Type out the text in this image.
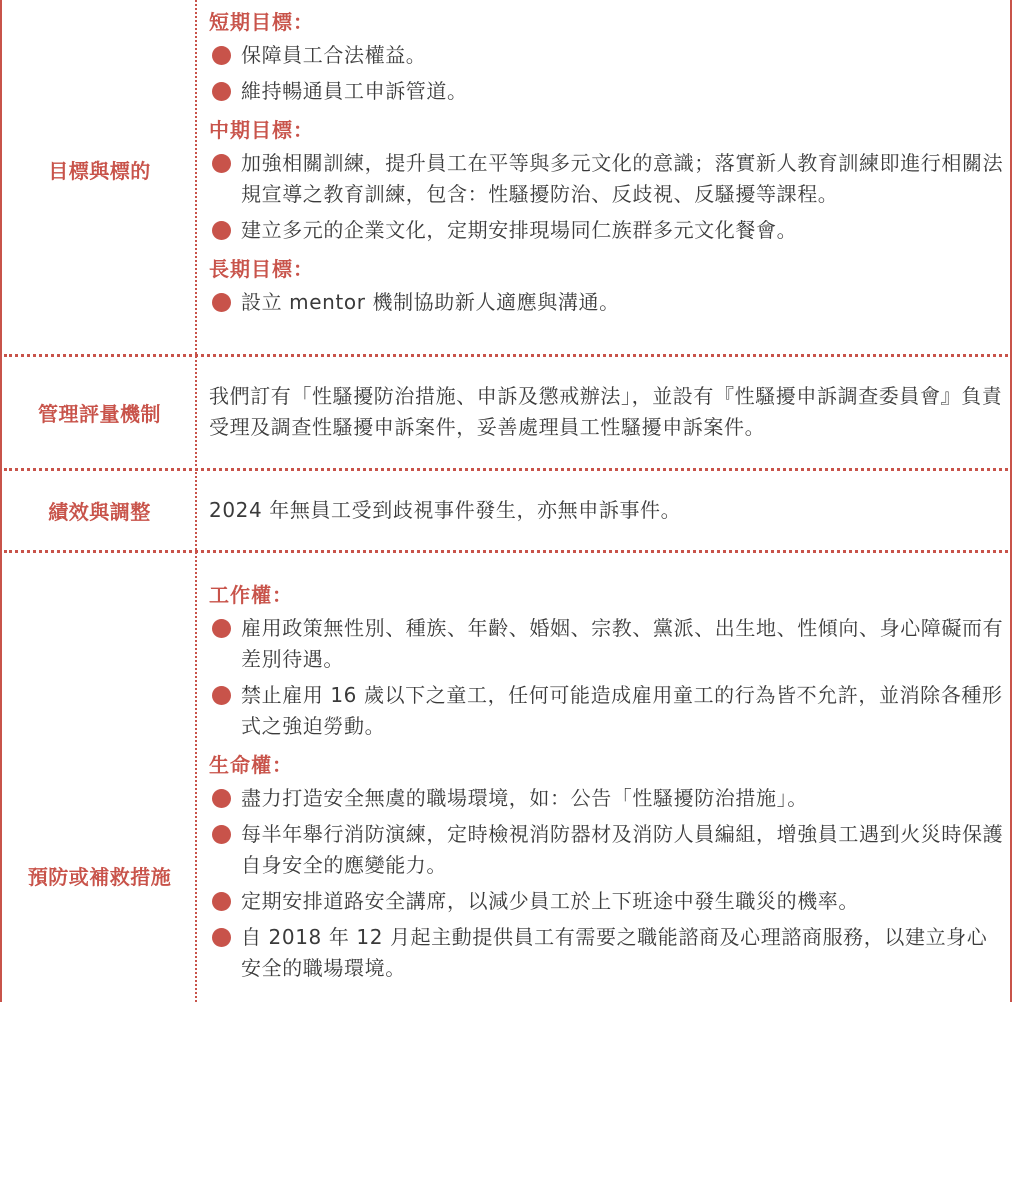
目標與標的
短期目標：
保障員工合法權益。
維持暢通員工申訴管道。
中期目標：
加強相關訓練，提升員工在平等與多元文化的意識；落實新人教育訓練即進行相關法規宣導之教育訓練，包含：性騷擾防治、反歧視、反騷擾等課程。
建立多元的企業文化，定期安排現場同仁族群多元文化餐會。
長期目標：
設立 mentor 機制協助新人適應與溝通。
管理評量機制
我們訂有「性騷擾防治措施、申訴及懲戒辦法」，並設有『性騷擾申訴調查委員會』負責受理及調查性騷擾申訴案件，妥善處理員工性騷擾申訴案件。
績效與調整	2024 年無員工受到歧視事件發生，亦無申訴事件。
預防或補救措施
工作權：
雇用政策無性別、種族、年齡、婚姻、宗教、黨派、出生地、性傾向、身心障礙而有差別待遇。
禁止雇用 16 歲以下之童工，任何可能造成雇用童工的行為皆不允許，並消除各種形式之強迫勞動。
生命權：
盡力打造安全無虞的職場環境，如：公告「性騷擾防治措施」。
每半年舉行消防演練，定時檢視消防器材及消防人員編組，增強員工遇到火災時保護自身安全的應變能力。
定期安排道路安全講席，以減少員工於上下班途中發生職災的機率。
自 2018 年 12 月起主動提供員工有需要之職能諮商及心理諮商服務，以建立身心安全的職場環境。
